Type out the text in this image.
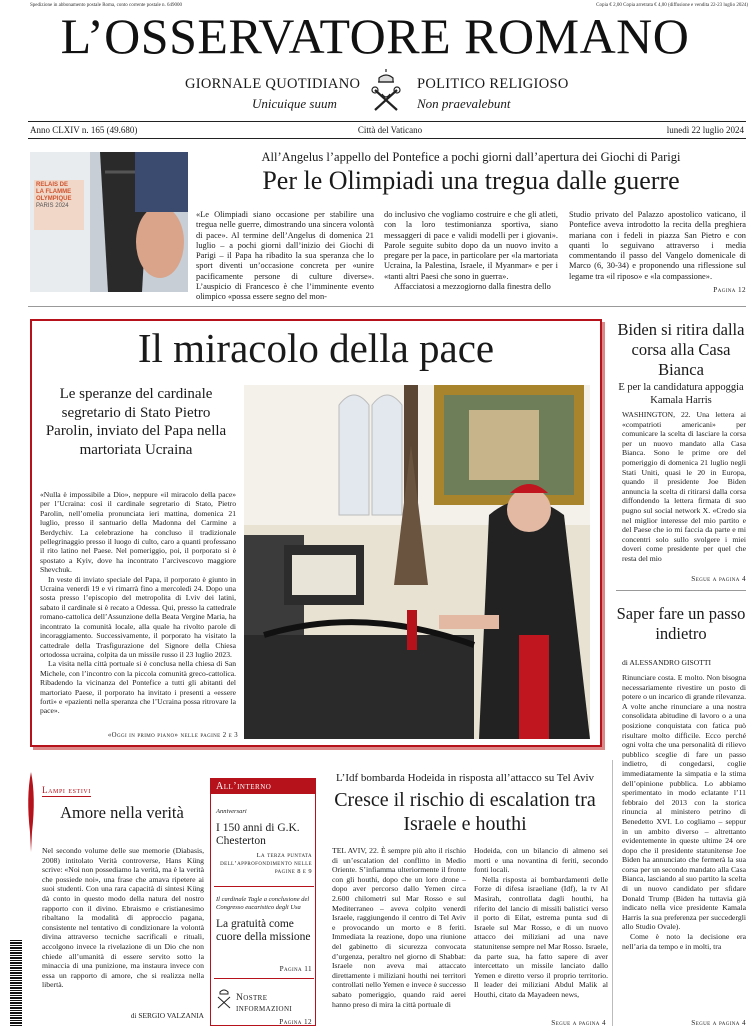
Spedizione in abbonamento postale Roma, conto corrente postale n. 649000	Copia € 2,00 Copia arretrata € 4,00 (diffusione e vendita 22-23 luglio 2024)
L’OSSERVATORE ROMANO
GIORNALE QUOTIDIANO	POLITICO RELIGIOSO
Unicuique suum	Non praevalebunt
Anno CLXIV n. 165 (49.680)	Città del Vaticano	lunedì 22 luglio 2024
RELAIS DE
LA FLAMME
OLYMPIQUE
PARIS 2024
All’Angelus l’appello del Pontefice a pochi giorni dall’apertura dei Giochi di Parigi
Per le Olimpiadi una tregua dalle guerre
«Le Olimpiadi siano occasione per stabilire una tregua nelle guerre, dimostrando una sincera volontà di pace». Al termine dell’Angelus di domenica 21 luglio – a pochi giorni dall’inizio dei Giochi di Parigi – il Papa ha ribadito la sua speranza che lo sport diventi un’occasione concreta per «unire pacificamente persone di culture diverse». L’auspicio di Francesco è che l’imminente evento olimpico «possa essere segno del mon-

do inclusivo che vogliamo costruire e che gli atleti, con la loro testimonianza sportiva, siano messaggeri di pace e validi modelli per i giovani». Parole seguite subito dopo da un nuovo invito a pregare per la pace, in particolare per «la martoriata Ucraina, la Palestina, Israele, il Myanmar» e per i «tanti altri Paesi che sono in guerra».

Affacciatosi a mezzogiorno dalla finestra dello

Studio privato del Palazzo apostolico vaticano, il Pontefice aveva introdotto la recita della preghiera mariana con i fedeli in piazza San Pietro e con quanti lo seguivano attraverso i media commentando il passo del Vangelo domenicale di Marco (6, 30-34) e proponendo una riflessione sul legame tra «il riposo» e «la compassione».
Pagina 12
Il miracolo della pace
Le speranze del cardinale segretario di Stato Pietro Parolin, inviato del Papa nella martoriata Ucraina

«Nulla è impossibile a Dio», neppure «il miracolo della pace» per l’Ucraina: così il cardinale segretario di Stato, Pietro Parolin, nell’omelia pronunciata ieri mattina, domenica 21 luglio, presso il santuario della Madonna del Carmine a Berdychiv. La celebrazione ha concluso il tradizionale pellegrinaggio presso il luogo di culto, caro a quanti professano il rito latino nel Paese. Nel pomeriggio, poi, il porporato si è spostato a Kyiv, dove ha incontrato l’arcivescovo maggiore Shevchuk.

In veste di inviato speciale del Papa, il porporato è giunto in Ucraina venerdì 19 e vi rimarrà fino a mercoledì 24. Dopo una sosta presso l’episcopio del metropolita di Lviv dei latini, sabato il cardinale si è recato a Odessa. Qui, presso la cattedrale romano-cattolica dell’Assunzione della Beata Vergine Maria, ha incontrato la comunità locale, alla quale ha rivolto parole di incoraggiamento. Successivamente, il porporato ha visitato la cattedrale della Trasfigurazione del Signore della Chiesa ortodossa ucraina, colpita da un missile russo il 23 luglio 2023.

La visita nella città portuale si è conclusa nella chiesa di San Michele, con l’incontro con la piccola comunità greco-cattolica. Ribadendo la vicinanza del Pontefice a tutti gli abitanti del martoriato Paese, il porporato ha invitato i presenti a «essere forti» e «pazienti nella speranza che l’Ucraina possa ritrovare la pace».

«Oggi in primo piano» nelle pagine 2 e 3
Biden si ritira dalla corsa alla Casa Bianca
E per la candidatura appoggia Kamala Harris
WASHINGTON, 22. Una lettera ai «compatrioti americani» per comunicare la scelta di lasciare la corsa per un nuovo mandato alla Casa Bianca. Sono le prime ore del pomeriggio di domenica 21 luglio negli Stati Uniti, quasi le 20 in Europa, quando il presidente Joe Biden annuncia la scelta di ritirarsi dalla corsa diffondendo la lettera firmata di suo pugno sul social network X. «Credo sia nel miglior interesse del mio partito e del Paese che io mi faccia da parte e mi concentri solo sullo svolgere i miei doveri come presidente per quel che resta del mio
Segue a pagina 4
Saper fare un passo indietro
di ALESSANDRO GISOTTI

Rinunciare costa. E molto. Non bisogna necessariamente rivestire un posto di potere o un incarico di grande rilevanza. A volte anche rinunciare a una nostra consolidata abitudine di lavoro o a una posizione conquistata con fatica può risultare molto difficile. Ecco perché ogni volta che una personalità di rilievo pubblico sceglie di fare un passo indietro, di congedarsi, coglie immediatamente la simpatia e la stima dell’opinione pubblica. Lo abbiamo sperimentato in modo eclatante l’11 febbraio del 2013 con la storica rinuncia al ministero petrino di Benedetto XVI. Lo cogliamo – seppur in un ambito diverso – altrettanto evidentemente in queste ultime 24 ore dopo che il presidente statunitense Joe Biden ha annunciato che fermerà la sua corsa per un secondo mandato alla Casa Bianca, lasciando al suo partito la scelta di un nuovo candidato per sfidare Donald Trump (Biden ha tuttavia già indicato nella vice presidente Kamala Harris la sua preferenza per succedergli allo Studio Ovale).

Come è noto la decisione era nell’aria da tempo e in molti, tra

Segue a pagina 4
Lampi estivi
Amore nella verità
Nel secondo volume delle sue memorie (Diabasis, 2008) intitolato Verità controverse, Hans Küng scrive: «Noi non possediamo la verità, ma è la verità che possiede noi», una frase che amava ripetere ai suoi studenti. Con una rara capacità di sintesi Küng dà conto in questo modo della natura del nostro rapporto con il divino. Ebraismo e cristianesimo ribaltano la modalità di approccio pagana, consistente nel tentativo di condizionare la volontà divina attraverso tecniche sacrificali e rituali, accolgono invece la rivelazione di un Dio che non chiede all’umanità di essere servito sotto la minaccia di una punizione, ma instaura invece con essa un rapporto di amore, che si realizza nella libertà.
di SERGIO VALZANIA
All’interno
Anniversari
I 150 anni di G.K. Chesterton
La terza puntata dell’approfondimento nelle pagine 8 e 9
Il cardinale Tagle a conclusione del Congresso eucaristico degli Usa
La gratuità come cuore della missione
Pagina 11
Nostre informazioni
Pagina 12
L’Idf bombarda Hodeida in risposta all’attacco su Tel Aviv
Cresce il rischio di escalation tra Israele e houthi
TEL AVIV, 22. È sempre più alto il rischio di un’escalation del conflitto in Medio Oriente. S’infiamma ulteriormente il fronte con gli houthi, dopo che un loro drone – dopo aver percorso dallo Yemen circa 2.600 chilometri sul Mar Rosso e sul Mediterraneo – aveva colpito venerdì Israele, raggiungendo il centro di Tel Aviv e provocando un morto e 8 feriti. Immediata la reazione, dopo una riunione del gabinetto di sicurezza convocata d’urgenza, peraltro nel giorno di Shabbat: Israele non aveva mai attaccato direttamente i miliziani houthi nei territori controllati nello Yemen e invece è successo sabato pomeriggio, quando raid aerei hanno preso di mira la città portuale di

Hodeida, con un bilancio di almeno sei morti e una novantina di feriti, secondo fonti locali.

Nella risposta ai bombardamenti delle Forze di difesa israeliane (Idf), la tv Al Masirah, controllata dagli houthi, ha riferito del lancio di missili balistici verso il porto di Eilat, estrema punta sud di Israele sul Mar Rosso, e di un nuovo attacco dei miliziani ad una nave statunitense sempre nel Mar Rosso. Israele, da parte sua, ha fatto sapere di aver intercettato un missile lanciato dallo Yemen e diretto verso il proprio territorio. Il leader dei miliziani Abdul Malik al Houthi, citato da Mayadeen news,

Segue a pagina 4
